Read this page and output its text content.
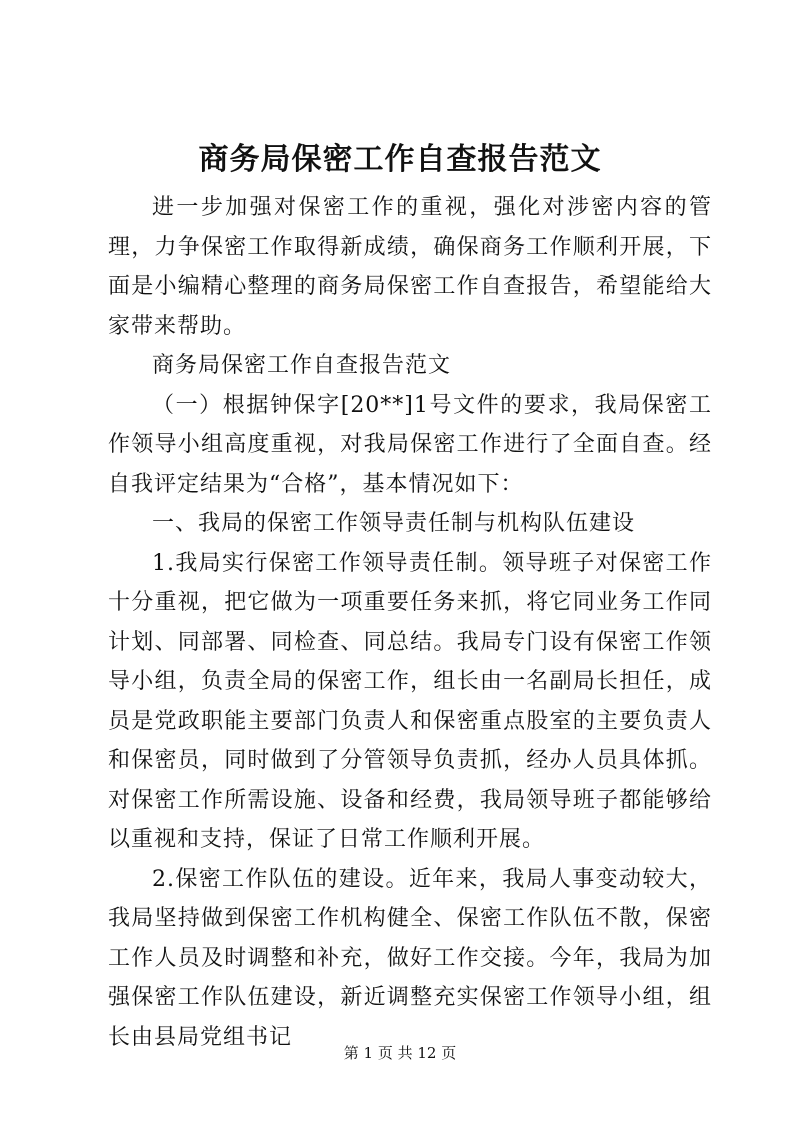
商务局保密工作自查报告范文

进一步加强对保密工作的重视，强化对涉密内容的管理，力争保密工作取得新成绩，确保商务工作顺利开展，下面是小编精心整理的商务局保密工作自查报告，希望能给大家带来帮助。

商务局保密工作自查报告范文

（一）根据钟保字[20**]1号文件的要求，我局保密工作领导小组高度重视，对我局保密工作进行了全面自查。经自我评定结果为“合格”，基本情况如下：

一、我局的保密工作领导责任制与机构队伍建设

1.我局实行保密工作领导责任制。领导班子对保密工作十分重视，把它做为一项重要任务来抓，将它同业务工作同计划、同部署、同检查、同总结。我局专门设有保密工作领导小组，负责全局的保密工作，组长由一名副局长担任，成员是党政职能主要部门负责人和保密重点股室的主要负责人和保密员，同时做到了分管领导负责抓，经办人员具体抓。对保密工作所需设施、设备和经费，我局领导班子都能够给以重视和支持，保证了日常工作顺利开展。

2.保密工作队伍的建设。近年来，我局人事变动较大，我局坚持做到保密工作机构健全、保密工作队伍不散，保密工作人员及时调整和补充，做好工作交接。今年，我局为加强保密工作队伍建设，新近调整充实保密工作领导小组，组长由县局党组书记

第 1 页 共 12 页
